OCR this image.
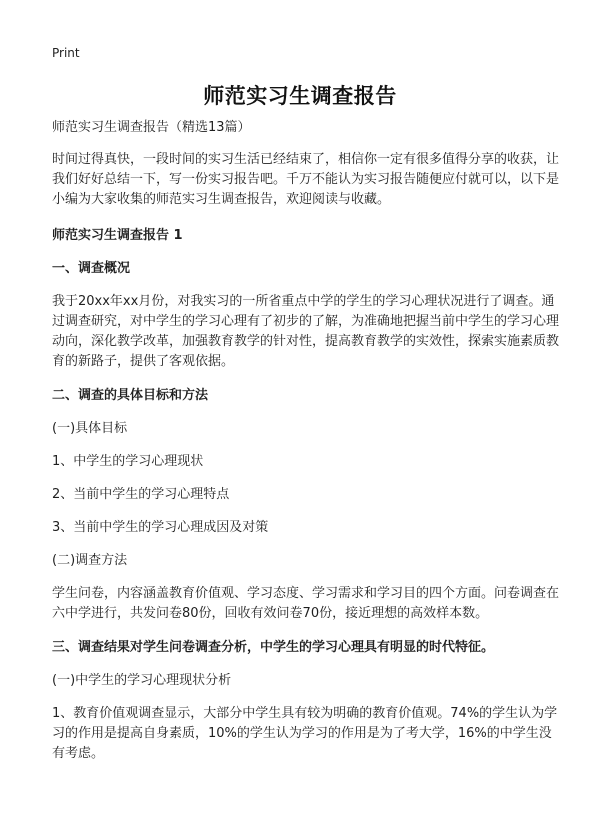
Print
师范实习生调查报告

师范实习生调查报告（精选13篇）

时间过得真快，一段时间的实习生活已经结束了，相信你一定有很多值得分享的收获，让我们好好总结一下，写一份实习报告吧。千万不能认为实习报告随便应付就可以，以下是小编为大家收集的师范实习生调查报告，欢迎阅读与收藏。

师范实习生调查报告 1

一、调查概况

我于20xx年xx月份，对我实习的一所省重点中学的学生的学习心理状况进行了调查。通过调查研究，对中学生的学习心理有了初步的了解，为准确地把握当前中学生的学习心理动向，深化教学改革，加强教育教学的针对性，提高教育教学的实效性，探索实施素质教育的新路子，提供了客观依据。

二、调查的具体目标和方法

(一)具体目标

1、中学生的学习心理现状

2、当前中学生的学习心理特点

3、当前中学生的学习心理成因及对策

(二)调查方法

学生问卷，内容涵盖教育价值观、学习态度、学习需求和学习目的四个方面。问卷调查在六中学进行，共发问卷80份，回收有效问卷70份，接近理想的高效样本数。

三、调查结果对学生问卷调查分析，中学生的学习心理具有明显的时代特征。

(一)中学生的学习心理现状分析

1、教育价值观调查显示，大部分中学生具有较为明确的教育价值观。74%的学生认为学习的作用是提高自身素质，10%的学生认为学习的作用是为了考大学，16%的中学生没有考虑。
